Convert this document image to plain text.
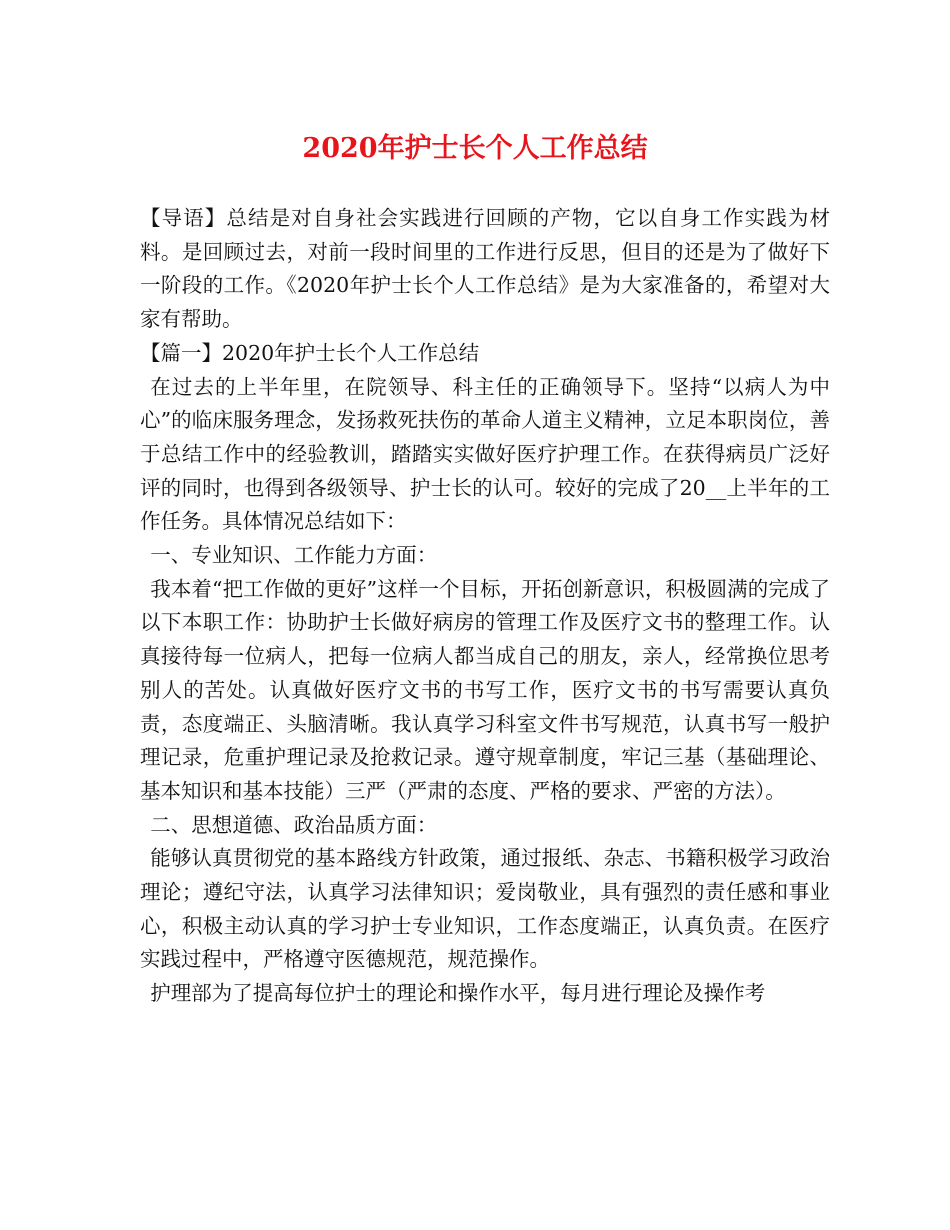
2020年护士长个人工作总结

【导语】总结是对自身社会实践进行回顾的产物，它以自身工作实践为材料。是回顾过去，对前一段时间里的工作进行反思，但目的还是为了做好下一阶段的工作。《2020年护士长个人工作总结》是为大家准备的，希望对大家有帮助。

【篇一】2020年护士长个人工作总结

在过去的上半年里，在院领导、科主任的正确领导下。坚持“以病人为中心”的临床服务理念，发扬救死扶伤的革命人道主义精神，立足本职岗位，善于总结工作中的经验教训，踏踏实实做好医疗护理工作。在获得病员广泛好评的同时，也得到各级领导、护士长的认可。较好的完成了20__上半年的工作任务。具体情况总结如下：

一、专业知识、工作能力方面：

我本着“把工作做的更好”这样一个目标，开拓创新意识，积极圆满的完成了以下本职工作：协助护士长做好病房的管理工作及医疗文书的整理工作。认真接待每一位病人，把每一位病人都当成自己的朋友，亲人，经常换位思考别人的苦处。认真做好医疗文书的书写工作，医疗文书的书写需要认真负责，态度端正、头脑清晰。我认真学习科室文件书写规范，认真书写一般护理记录，危重护理记录及抢救记录。遵守规章制度，牢记三基（基础理论、基本知识和基本技能）三严（严肃的态度、严格的要求、严密的方法）。

二、思想道德、政治品质方面：

能够认真贯彻党的基本路线方针政策，通过报纸、杂志、书籍积极学习政治理论；遵纪守法，认真学习法律知识；爱岗敬业，具有强烈的责任感和事业心，积极主动认真的学习护士专业知识，工作态度端正，认真负责。在医疗实践过程中，严格遵守医德规范，规范操作。

护理部为了提高每位护士的理论和操作水平，每月进行理论及操作考
